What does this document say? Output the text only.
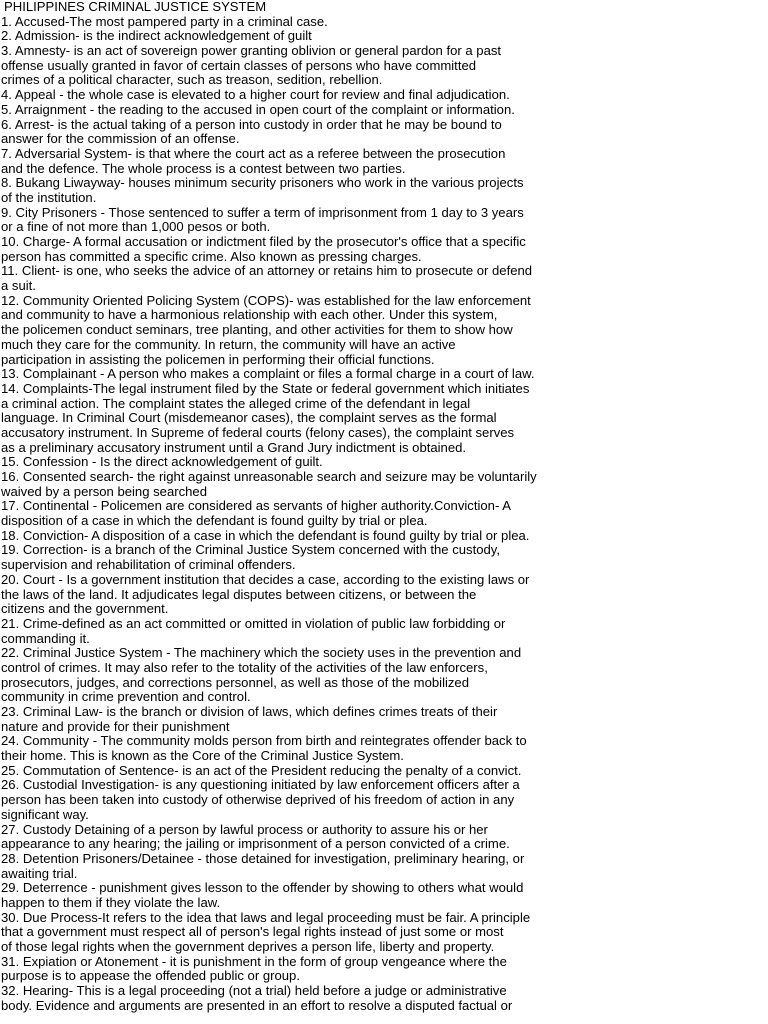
PHILIPPINES CRIMINAL JUSTICE SYSTEM
1. Accused-The most pampered party in a criminal case.
2. Admission- is the indirect acknowledgement of guilt
3. Amnesty- is an act of sovereign power granting oblivion or general pardon for a past
offense usually granted in favor of certain classes of persons who have committed
crimes of a political character, such as treason, sedition, rebellion.
4. Appeal - the whole case is elevated to a higher court for review and final adjudication.
5. Arraignment - the reading to the accused in open court of the complaint or information.
6. Arrest- is the actual taking of a person into custody in order that he may be bound to
answer for the commission of an offense.
7. Adversarial System- is that where the court act as a referee between the prosecution
and the defence. The whole process is a contest between two parties.
8. Bukang Liwayway- houses minimum security prisoners who work in the various projects
of the institution.
9. City Prisoners - Those sentenced to suffer a term of imprisonment from 1 day to 3 years
or a fine of not more than 1,000 pesos or both.
10. Charge- A formal accusation or indictment filed by the prosecutor's office that a specific
person has committed a specific crime. Also known as pressing charges.
11. Client- is one, who seeks the advice of an attorney or retains him to prosecute or defend
a suit.
12. Community Oriented Policing System (COPS)- was established for the law enforcement
and community to have a harmonious relationship with each other. Under this system,
the policemen conduct seminars, tree planting, and other activities for them to show how
much they care for the community. In return, the community will have an active
participation in assisting the policemen in performing their official functions.
13. Complainant - A person who makes a complaint or files a formal charge in a court of law.
14. Complaints-The legal instrument filed by the State or federal government which initiates
a criminal action. The complaint states the alleged crime of the defendant in legal
language. In Criminal Court (misdemeanor cases), the complaint serves as the formal
accusatory instrument. In Supreme of federal courts (felony cases), the complaint serves
as a preliminary accusatory instrument until a Grand Jury indictment is obtained.
15. Confession - Is the direct acknowledgement of guilt.
16. Consented search- the right against unreasonable search and seizure may be voluntarily
waived by a person being searched
17. Continental - Policemen are considered as servants of higher authority.Conviction- A
disposition of a case in which the defendant is found guilty by trial or plea.
18. Conviction- A disposition of a case in which the defendant is found guilty by trial or plea.
19. Correction- is a branch of the Criminal Justice System concerned with the custody,
supervision and rehabilitation of criminal offenders.
20. Court - Is a government institution that decides a case, according to the existing laws or
the laws of the land. It adjudicates legal disputes between citizens, or between the
citizens and the government.
21. Crime-defined as an act committed or omitted in violation of public law forbidding or
commanding it.
22. Criminal Justice System - The machinery which the society uses in the prevention and
control of crimes. It may also refer to the totality of the activities of the law enforcers,
prosecutors, judges, and corrections personnel, as well as those of the mobilized
community in crime prevention and control.
23. Criminal Law- is the branch or division of laws, which defines crimes treats of their
nature and provide for their punishment
24. Community - The community molds person from birth and reintegrates offender back to
their home. This is known as the Core of the Criminal Justice System.
25. Commutation of Sentence- is an act of the President reducing the penalty of a convict.
26. Custodial Investigation- is any questioning initiated by law enforcement officers after a
person has been taken into custody of otherwise deprived of his freedom of action in any
significant way.
27. Custody Detaining of a person by lawful process or authority to assure his or her
appearance to any hearing; the jailing or imprisonment of a person convicted of a crime.
28. Detention Prisoners/Detainee - those detained for investigation, preliminary hearing, or
awaiting trial.
29. Deterrence - punishment gives lesson to the offender by showing to others what would
happen to them if they violate the law.
30. Due Process-It refers to the idea that laws and legal proceeding must be fair. A principle
that a government must respect all of person's legal rights instead of just some or most
of those legal rights when the government deprives a person life, liberty and property.
31. Expiation or Atonement - it is punishment in the form of group vengeance where the
purpose is to appease the offended public or group.
32. Hearing- This is a legal proceeding (not a trial) held before a judge or administrative
body. Evidence and arguments are presented in an effort to resolve a disputed factual or
